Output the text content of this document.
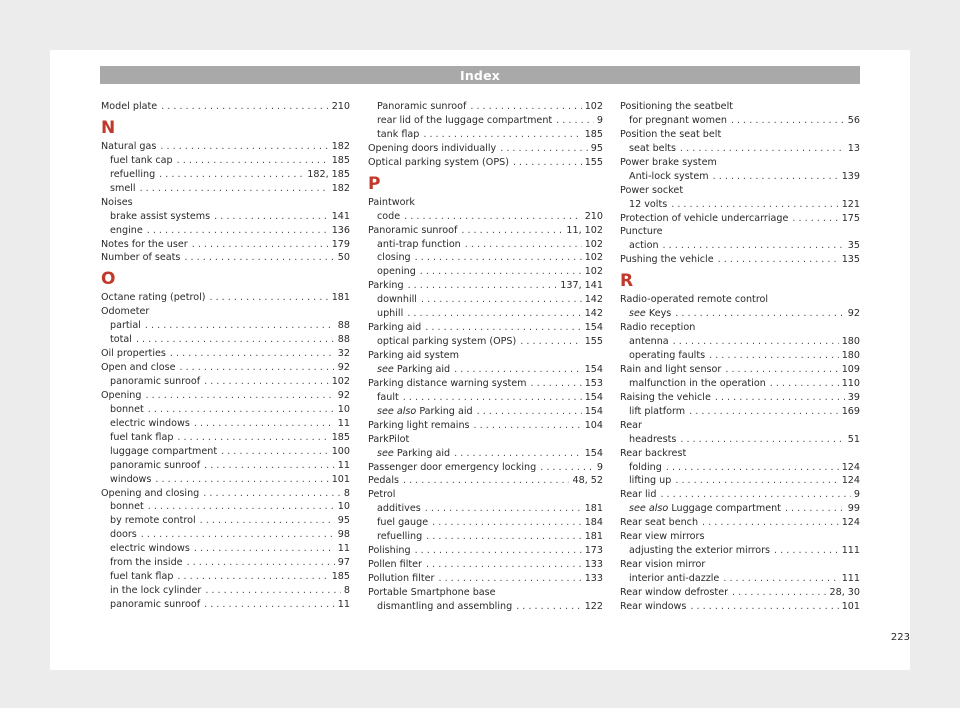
Index
Model plate . . .	210
N
Natural gas . . .	182
fuel tank cap . . .	185
refuelling . . .	182, 185
smell . . .	182
Noises
brake assist systems . . .	141
engine . . .	136
Notes for the user . . .	179
Number of seats . . .	50
O
Octane rating (petrol) . . .	181
Odometer
partial . . .	88
total . . .	88
Oil properties . . .	32
Open and close . . .	92
panoramic sunroof . . .	102
Opening . . .	92
bonnet . . .	10
electric windows . . .	11
fuel tank flap . . .	185
luggage compartment . . .	100
panoramic sunroof . . .	11
windows . . .	101
Opening and closing . . .	8
bonnet . . .	10
by remote control . . .	95
doors . . .	98
electric windows . . .	11
from the inside . . .	97
fuel tank flap . . .	185
in the lock cylinder . . .	8
panoramic sunroof . . .	11
Panoramic sunroof . . .	102
rear lid of the luggage compartment . . .	9
tank flap . . .	185
Opening doors individually . . .	95
Optical parking system (OPS) . . .	155
P
Paintwork
code . . .	210
Panoramic sunroof . . .	11, 102
anti-trap function . . .	102
closing . . .	102
opening . . .	102
Parking . . .	137, 141
downhill . . .	142
uphill . . .	142
Parking aid . . .	154
optical parking system (OPS) . . .	155
Parking aid system
see Parking aid . . .	154
Parking distance warning system . . .	153
fault . . .	154
see also Parking aid . . .	154
Parking light remains . . .	104
ParkPilot
see Parking aid . . .	154
Passenger door emergency locking . . .	9
Pedals . . .	48, 52
Petrol
additives . . .	181
fuel gauge . . .	184
refuelling . . .	181
Polishing . . .	173
Pollen filter . . .	133
Pollution filter . . .	133
Portable Smartphone base
dismantling and assembling . . .	122
Positioning the seatbelt
for pregnant women . . .	56
Position the seat belt
seat belts . . .	13
Power brake system
Anti-lock system . . .	139
Power socket
12 volts . . .	121
Protection of vehicle undercarriage . . .	175
Puncture
action . . .	35
Pushing the vehicle . . .	135
R
Radio-operated remote control
see Keys . . .	92
Radio reception
antenna . . .	180
operating faults . . .	180
Rain and light sensor . . .	109
malfunction in the operation . . .	110
Raising the vehicle . . .	39
lift platform . . .	169
Rear
headrests . . .	51
Rear backrest
folding . . .	124
lifting up . . .	124
Rear lid . . .	9
see also Luggage compartment . . .	99
Rear seat bench . . .	124
Rear view mirrors
adjusting the exterior mirrors . . .	111
Rear vision mirror
interior anti-dazzle . . .	111
Rear window defroster . . .	28, 30
Rear windows . . .	101
223
